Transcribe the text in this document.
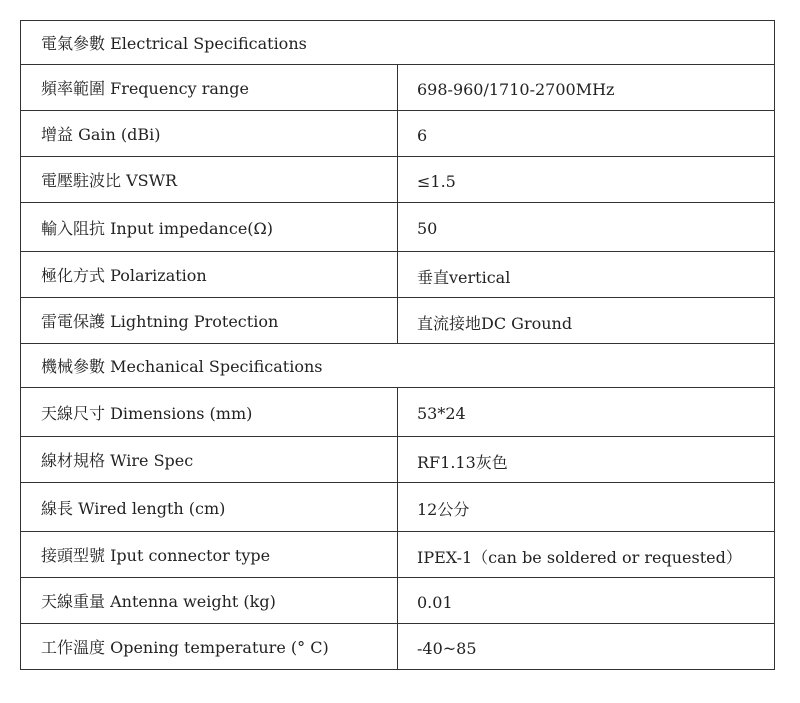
電氣參數 Electrical Specifications	
頻率範圍 Frequency range	698-960/1710-2700MHz
增益 Gain (dBi)	6
電壓駐波比 VSWR	≤1.5
輸入阻抗 Input impedance(Ω)	50
極化方式 Polarization	垂直vertical
雷電保護 Lightning Protection	直流接地DC Ground
機械參數 Mechanical Specifications	
天線尺寸 Dimensions (mm)	53*24
線材規格 Wire Spec	RF1.13灰色
線長 Wired length (cm)	12公分
接頭型號 Iput connector type	IPEX-1（can be soldered or requested）
天線重量 Antenna weight (kg)	0.01
工作溫度 Opening temperature (° C)	-40~85
